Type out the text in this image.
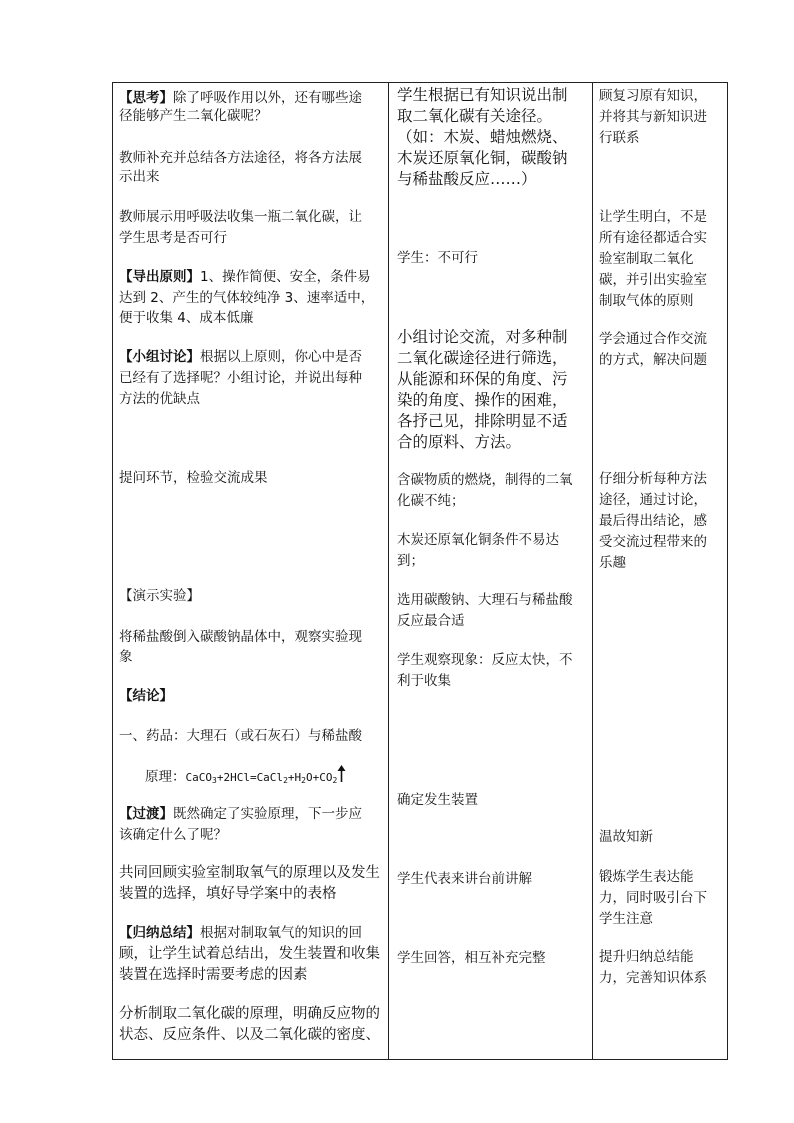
【思考】除了呼吸作用以外，还有哪些途
径能够产生二氧化碳呢？
教师补充并总结各方法途径，将各方法展
示出来
教师展示用呼吸法收集一瓶二氧化碳，让
学生思考是否可行
【导出原则】1、操作简便、安全，条件易
达到 2、产生的气体较纯净 3、速率适中，
便于收集 4、成本低廉
【小组讨论】根据以上原则，你心中是否
已经有了选择呢？小组讨论，并说出每种
方法的优缺点
提问环节，检验交流成果
【演示实验】
将稀盐酸倒入碳酸钠晶体中，观察实验现
象
【结论】
一、药品：大理石（或石灰石）与稀盐酸
原理：$CaCO_3+2HCl=CaCl_2+H_2O+CO_2$
【过渡】既然确定了实验原理，下一步应
该确定什么了呢？
共同回顾实验室制取氧气的原理以及发生
装置的选择，填好导学案中的表格
【归纳总结】根据对制取氧气的知识的回
顾，让学生试着总结出，发生装置和收集
装置在选择时需要考虑的因素
分析制取二氧化碳的原理，明确反应物的
状态、反应条件、以及二氧化碳的密度、
学生根据已有知识说出制
取二氧化碳有关途径。
（如：木炭、蜡烛燃烧、
木炭还原氧化铜，碳酸钠
与稀盐酸反应……）
学生：不可行
小组讨论交流，对多种制
二氧化碳途径进行筛选，
从能源和环保的角度、污
染的角度、操作的困难，
各抒己见，排除明显不适
合的原料、方法。
含碳物质的燃烧，制得的二氧
化碳不纯；
木炭还原氧化铜条件不易达
到；
选用碳酸钠、大理石与稀盐酸
反应最合适
学生观察现象：反应太快，不
利于收集
确定发生装置
学生代表来讲台前讲解
学生回答，相互补充完整
顾复习原有知识，
并将其与新知识进
行联系
让学生明白，不是
所有途径都适合实
验室制取二氧化
碳，并引出实验室
制取气体的原则
学会通过合作交流
的方式，解决问题
仔细分析每种方法
途径，通过讨论，
最后得出结论，感
受交流过程带来的
乐趣
温故知新
锻炼学生表达能
力，同时吸引台下
学生注意
提升归纳总结能
力，完善知识体系
